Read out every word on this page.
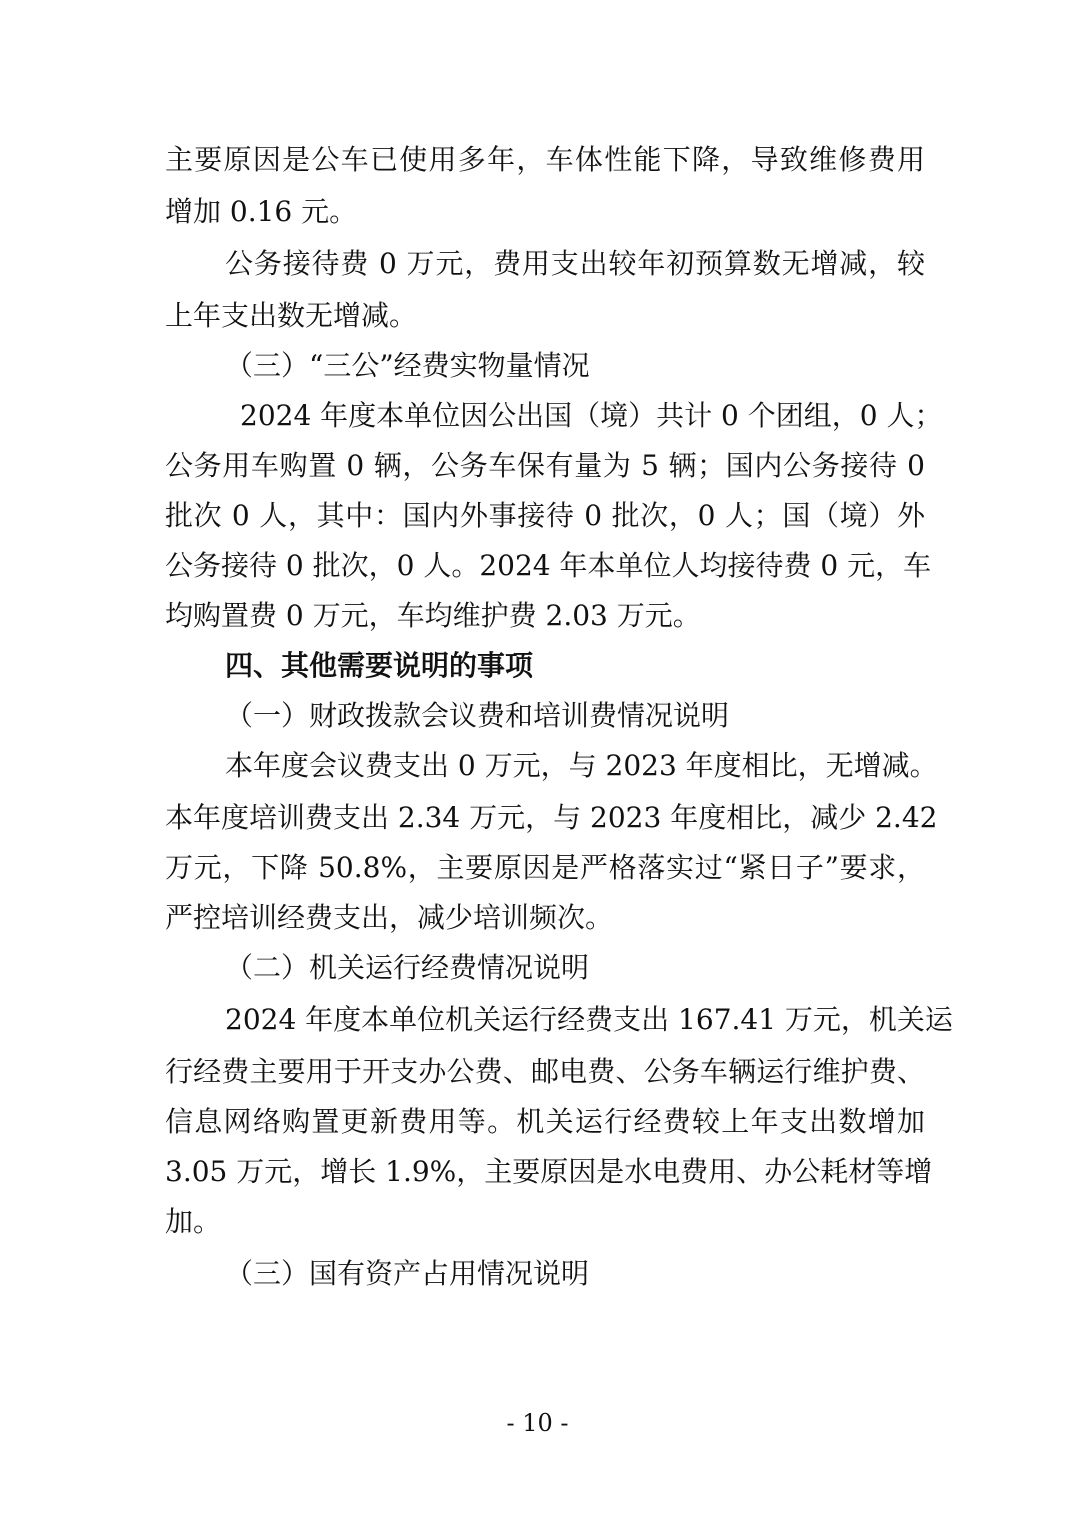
主要原因是公车已使用多年，车体性能下降，导致维修费用
增加 0.16 元。
公务接待费 0 万元，费用支出较年初预算数无增减，较
上年支出数无增减。
（三）“三公”经费实物量情况
2024 年度本单位因公出国（境）共计 0 个团组，0 人；
公务用车购置 0 辆，公务车保有量为 5 辆；国内公务接待 0
批次 0 人，其中：国内外事接待 0 批次，0 人；国（境）外
公务接待 0 批次，0 人。2024 年本单位人均接待费 0 元，车
均购置费 0 万元，车均维护费 2.03 万元。
四、其他需要说明的事项
（一）财政拨款会议费和培训费情况说明
本年度会议费支出 0 万元，与 2023 年度相比，无增减。
本年度培训费支出 2.34 万元，与 2023 年度相比，减少 2.42
万元，下降 50.8%，主要原因是严格落实过“紧日子”要求，
严控培训经费支出，减少培训频次。
（二）机关运行经费情况说明
2024 年度本单位机关运行经费支出 167.41 万元，机关运
行经费主要用于开支办公费、邮电费、公务车辆运行维护费、
信息网络购置更新费用等。机关运行经费较上年支出数增加
3.05 万元，增长 1.9%，主要原因是水电费用、办公耗材等增
加。
（三）国有资产占用情况说明
- 10 -
